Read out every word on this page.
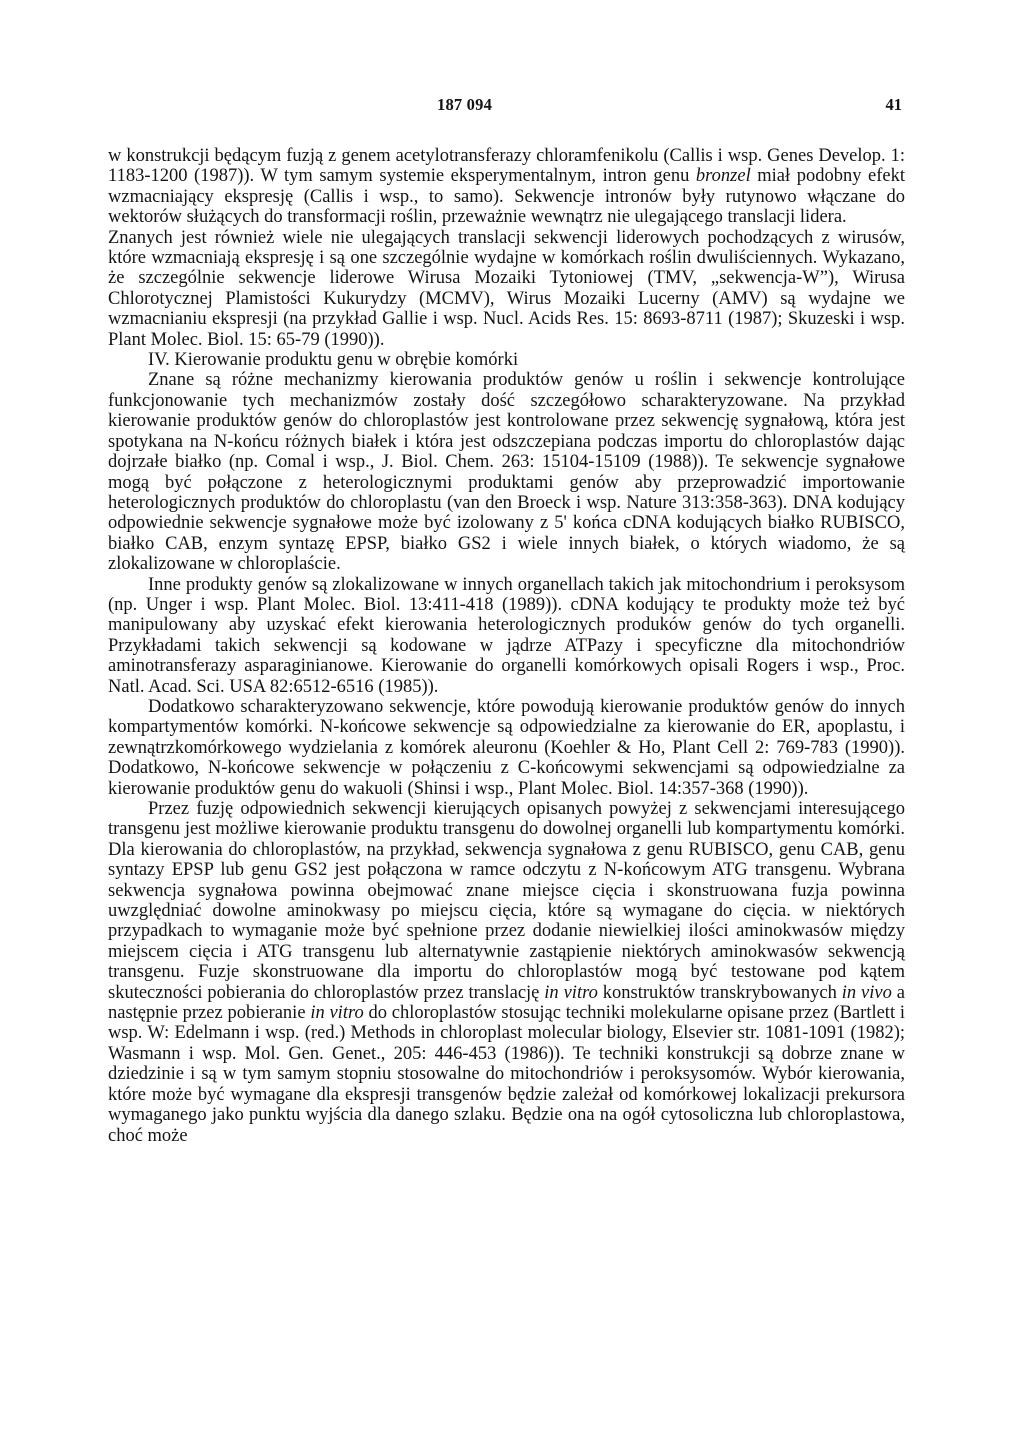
187 094	41

w konstrukcji będącym fuzją z genem acetylotransferazy chloramfenikolu (Callis i wsp. Genes Develop. 1: 1183-1200 (1987)). W tym samym systemie eksperymentalnym, intron genu bronzel miał podobny efekt wzmacniający ekspresję (Callis i wsp., to samo). Sekwencje intronów były rutynowo włączane do wektorów służących do transformacji roślin, przeważnie wewnątrz nie ulegającego translacji lidera.

Znanych jest również wiele nie ulegających translacji sekwencji liderowych pochodzących z wirusów, które wzmacniają ekspresję i są one szczególnie wydajne w komórkach roślin dwuliściennych. Wykazano, że szczególnie sekwencje liderowe Wirusa Mozaiki Tytoniowej (TMV, „sekwencja-W”), Wirusa Chlorotycznej Plamistości Kukurydzy (MCMV), Wirus Mozaiki Lucerny (AMV) są wydajne we wzmacnianiu ekspresji (na przykład Gallie i wsp. Nucl. Acids Res. 15: 8693-8711 (1987); Skuzeski i wsp. Plant Molec. Biol. 15: 65-79 (1990)).

IV. Kierowanie produktu genu w obrębie komórki

Znane są różne mechanizmy kierowania produktów genów u roślin i sekwencje kontrolujące funkcjonowanie tych mechanizmów zostały dość szczegółowo scharakteryzowane. Na przykład kierowanie produktów genów do chloroplastów jest kontrolowane przez sekwencję sygnałową, która jest spotykana na N-końcu różnych białek i która jest odszczepiana podczas importu do chloroplastów dając dojrzałe białko (np. Comal i wsp., J. Biol. Chem. 263: 15104-15109 (1988)). Te sekwencje sygnałowe mogą być połączone z heterologicznymi produktami genów aby przeprowadzić importowanie heterologicznych produktów do chloroplastu (van den Broeck i wsp. Nature 313:358-363). DNA kodujący odpowiednie sekwencje sygnałowe może być izolowany z 5' końca cDNA kodujących białko RUBISCO, białko CAB, enzym syntazę EPSP, białko GS2 i wiele innych białek, o których wiadomo, że są zlokalizowane w chloroplaście.

Inne produkty genów są zlokalizowane w innych organellach takich jak mitochondrium i peroksysom (np. Unger i wsp. Plant Molec. Biol. 13:411-418 (1989)). cDNA kodujący te produkty może też być manipulowany aby uzyskać efekt kierowania heterologicznych produków genów do tych organelli. Przykładami takich sekwencji są kodowane w jądrze ATPazy i specyficzne dla mitochondriów aminotransferazy asparaginianowe. Kierowanie do organelli komórkowych opisali Rogers i wsp., Proc. Natl. Acad. Sci. USA 82:6512-6516 (1985)).

Dodatkowo scharakteryzowano sekwencje, które powodują kierowanie produktów genów do innych kompartymentów komórki. N-końcowe sekwencje są odpowiedzialne za kierowanie do ER, apoplastu, i zewnątrzkomórkowego wydzielania z komórek aleuronu (Koehler & Ho, Plant Cell 2: 769-783 (1990)). Dodatkowo, N-końcowe sekwencje w połączeniu z C-końcowymi sekwencjami są odpowiedzialne za kierowanie produktów genu do wakuoli (Shinsi i wsp., Plant Molec. Biol. 14:357-368 (1990)).

Przez fuzję odpowiednich sekwencji kierujących opisanych powyżej z sekwencjami interesującego transgenu jest możliwe kierowanie produktu transgenu do dowolnej organelli lub kompartymentu komórki. Dla kierowania do chloroplastów, na przykład, sekwencja sygnałowa z genu RUBISCO, genu CAB, genu syntazy EPSP lub genu GS2 jest połączona w ramce odczytu z N-końcowym ATG transgenu. Wybrana sekwencja sygnałowa powinna obejmować znane miejsce cięcia i skonstruowana fuzja powinna uwzględniać dowolne aminokwasy po miejscu cięcia, które są wymagane do cięcia. w niektórych przypadkach to wymaganie może być spełnione przez dodanie niewielkiej ilości aminokwasów między miejscem cięcia i ATG transgenu lub alternatywnie zastąpienie niektórych aminokwasów sekwencją transgenu. Fuzje skonstruowane dla importu do chloroplastów mogą być testowane pod kątem skuteczności pobierania do chloroplastów przez translację in vitro konstruktów transkrybowanych in vivo a następnie przez pobieranie in vitro do chloroplastów stosując techniki molekularne opisane przez (Bartlett i wsp. W: Edelmann i wsp. (red.) Methods in chloroplast molecular biology, Elsevier str. 1081-1091 (1982); Wasmann i wsp. Mol. Gen. Genet., 205: 446-453 (1986)). Te techniki konstrukcji są dobrze znane w dziedzinie i są w tym samym stopniu stosowalne do mitochondriów i peroksysomów. Wybór kierowania, które może być wymagane dla ekspresji transgenów będzie zależał od komórkowej lokalizacji prekursora wymaganego jako punktu wyjścia dla danego szlaku. Będzie ona na ogół cytosoliczna lub chloroplastowa, choć może
